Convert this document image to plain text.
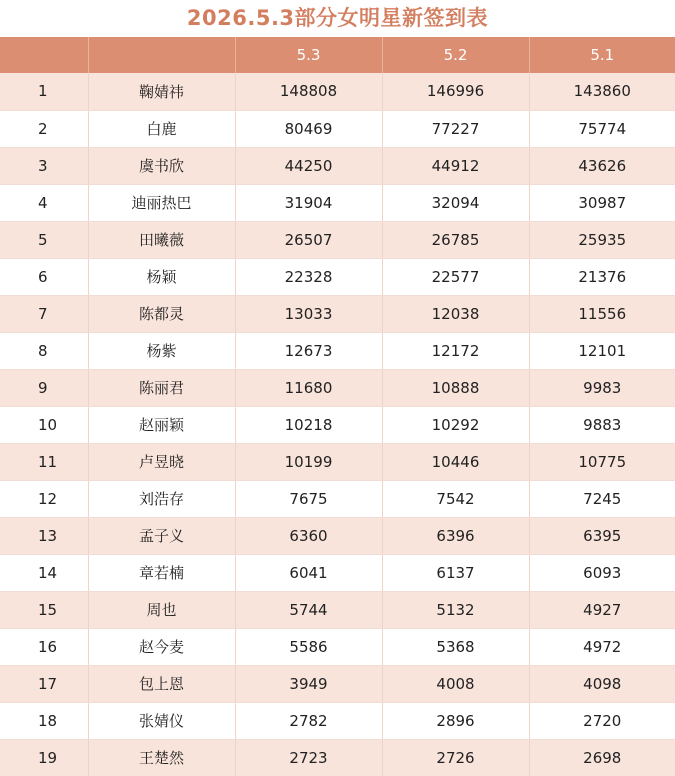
2026.5.3部分女明星新签到表
		5.3	5.2	5.1
1	鞠婧祎	148808	146996	143860
2	白鹿	80469	77227	75774
3	虞书欣	44250	44912	43626
4	迪丽热巴	31904	32094	30987
5	田曦薇	26507	26785	25935
6	杨颖	22328	22577	21376
7	陈都灵	13033	12038	11556
8	杨紫	12673	12172	12101
9	陈丽君	11680	10888	9983
10	赵丽颖	10218	10292	9883
11	卢昱晓	10199	10446	10775
12	刘浩存	7675	7542	7245
13	孟子义	6360	6396	6395
14	章若楠	6041	6137	6093
15	周也	5744	5132	4927
16	赵今麦	5586	5368	4972
17	包上恩	3949	4008	4098
18	张婧仪	2782	2896	2720
19	王楚然	2723	2726	2698
